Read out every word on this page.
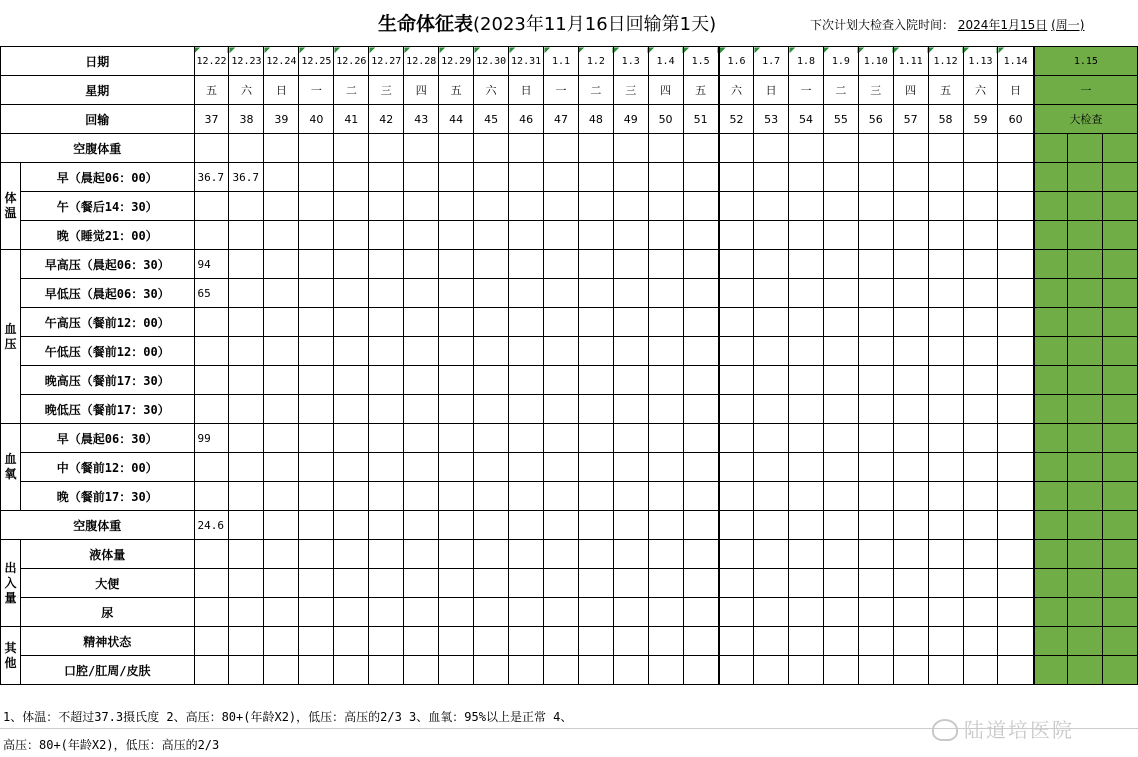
生命体征表(2023年11月16日回输第1天)	下次计划大检查入院时间： 2024年1月15日 (周一)
日期		12.22	12.23	12.24	12.25	12.26	12.27	12.28	12.29	12.30	12.31	1.1	1.2	1.3	1.4	1.5	1.6	1.7	1.8	1.9	1.10	1.11	1.12	1.13	1.14	1.15		
星期		五	六	日	一	二	三	四	五	六	日	一	二	三	四	五	六	日	一	二	三	四	五	六	日	一		
回输		37	38	39	40	41	42	43	44	45	46	47	48	49	50	51	52	53	54	55	56	57	58	59	60	大检查		
空腹体重																												
体温	早（晨起06：00）	36.7	36.7																									
	午（餐后14：30）																											
	晚（睡觉21：00）																											
血压	早高压（晨起06：30）	94																										
	早低压（晨起06：30）	65																										
	午高压（餐前12：00）																											
	午低压（餐前12：00）																											
	晚高压（餐前17：30）																											
	晚低压（餐前17：30）																											
血氧	早（晨起06：30）	99																										
	中（餐前12：00）																											
	晚（餐前17：30）																											
空腹体重		24.6																										
出入量	液体量																											
	大便																											
	尿																											
其他	精神状态																											
	口腔/肛周/皮肤																											
1、体温：不超过37.3摄氏度 2、高压：80+(年龄X2)，低压：高压的2/3 3、血氧：95%以上是正常 4、
高压：80+(年龄X2)，低压：高压的2/3
陆道培医院
